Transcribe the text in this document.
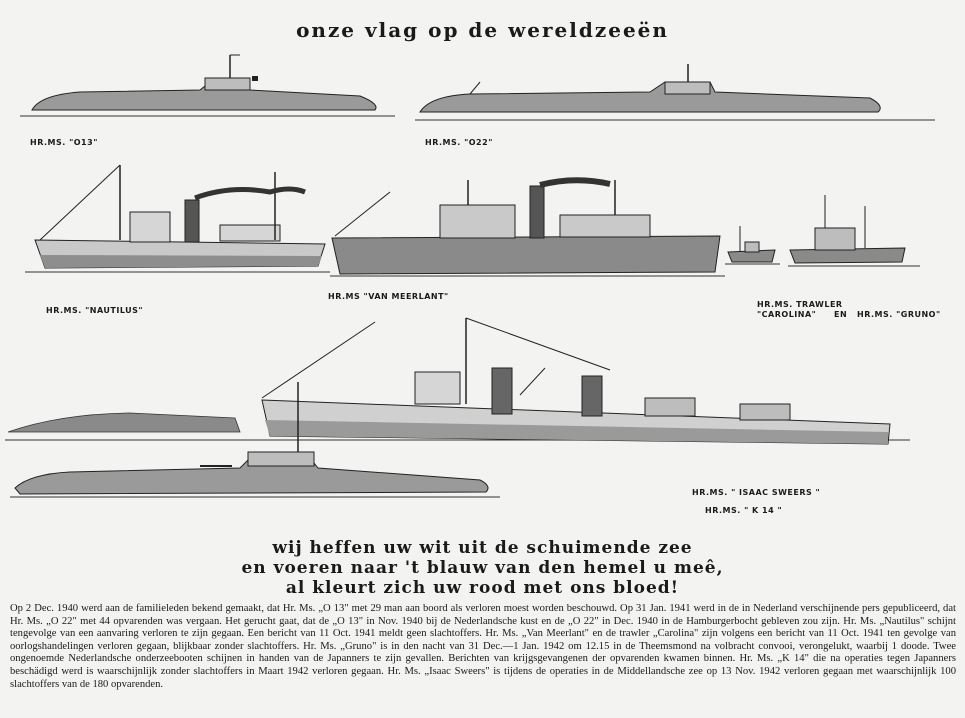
onze vlag op de wereldzeeën
HR.MS. "O13"	HR.MS. "O22"
HR.MS. "NAUTILUS"
HR.MS "VAN MEERLANT"
HR.MS. TRAWLER
"CAROLINA" EN HR.MS. "GRUNO"
HR.MS. " ISAAC SWEERS "
HR.MS. " K 14 "
wij heffen uw wit uit de schuimende zee
en voeren naar 't blauw van den hemel u meê,
al kleurt zich uw rood met ons bloed!
Op 2 Dec. 1940 werd aan de familieleden bekend gemaakt, dat Hr. Ms. „O 13" met 29 man aan boord als verloren moest worden beschouwd. Op 31 Jan. 1941 werd in de in Nederland verschijnende pers gepubliceerd, dat Hr. Ms. „O 22" met 44 opvarenden was vergaan. Het gerucht gaat, dat de „O 13" in Nov. 1940 bij de Nederlandsche kust en de „O 22" in Dec. 1940 in de Hamburgerbocht gebleven zou zijn. Hr. Ms. „Nautilus" schijnt tengevolge van een aanvaring verloren te zijn gegaan. Een bericht van 11 Oct. 1941 meldt geen slachtoffers. Hr. Ms. „Van Meerlant" en de trawler „Carolina" zijn volgens een bericht van 11 Oct. 1941 ten gevolge van oorlogshandelingen verloren gegaan, blijkbaar zonder slachtoffers. Hr. Ms. „Gruno" is in den nacht van 31 Dec.—1 Jan. 1942 om 12.15 in de Theemsmond na volbracht convooi, verongelukt, waarbij 1 doode. Twee ongenoemde Nederlandsche onderzeebooten schijnen in handen van de Japanners te zijn gevallen. Berichten van krijgsgevangenen der opvarenden kwamen binnen. Hr. Ms. „K 14" die na operaties tegen Japanners beschädigd werd is waarschijnlijk zonder slachtoffers in Maart 1942 verloren gegaan. Hr. Ms. „Isaac Sweers" is tijdens de operaties in de Middellandsche zee op 13 Nov. 1942 verloren gegaan met waarschijnlijk 100 slachtoffers van de 180 opvarenden.
